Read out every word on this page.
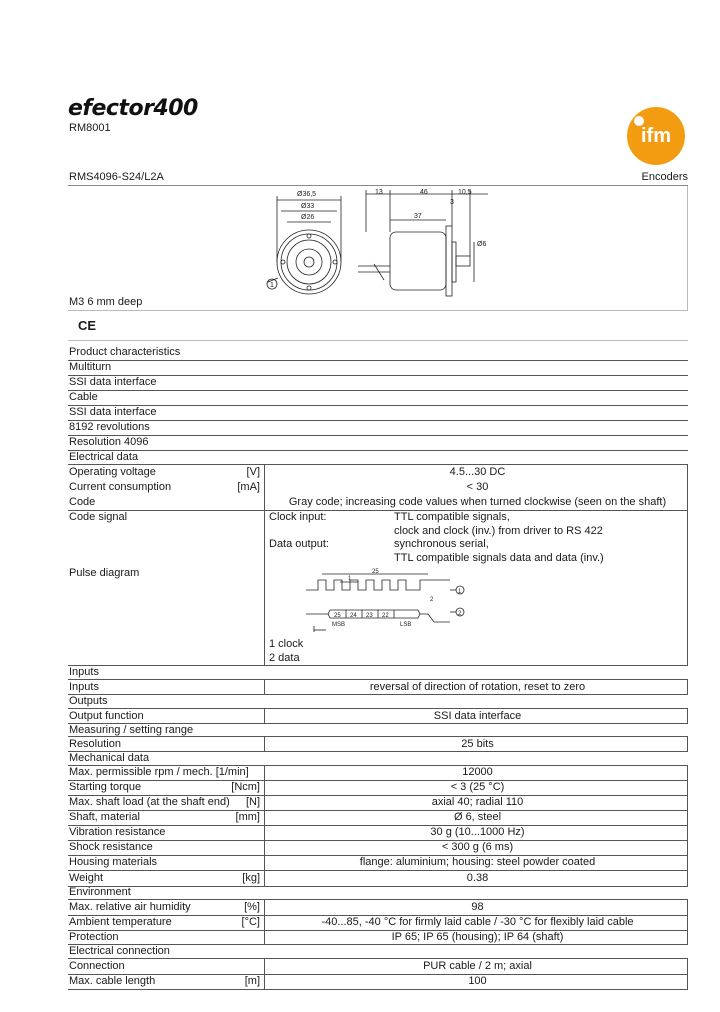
efector400
RM8001	ifm
RMS4096-S24/L2A	Encoders
Ø36,5
Ø33
Ø26
1
13	46	10,5
37
3
Ø6
M3 6 mm deep
CE
Product characteristics
Multiturn
SSI data interface
Cable
SSI data interface
8192 revolutions
Resolution 4096
Electrical data
Operating voltage	[V]	4.5...30 DC
Current consumption	[mA]	< 30
Code	Gray code; increasing code values when turned clockwise (seen on the shaft)
Code signal	Clock input:	TTL compatible signals,
clock and clock (inv.) from driver to RS 422
Data output:	synchronous serial,
TTL compatible signals data and data (inv.)
Pulse diagram	25
1
2
25 24 23 22
MSB	LSB
1
2
1 clock
2 data
Inputs
Inputs	reversal of direction of rotation, reset to zero
Outputs
Output function	SSI data interface
Measuring / setting range
Resolution	25 bits
Mechanical data
Max. permissible rpm / mech. [1/min]	12000
Starting torque	[Ncm]	< 3 (25 °C)
Max. shaft load (at the shaft end)	[N]	axial 40; radial 110
Shaft, material	[mm]	Ø 6, steel
Vibration resistance	30 g (10...1000 Hz)
Shock resistance	< 300 g (6 ms)
Housing materials	flange: aluminium; housing: steel powder coated
Weight	[kg]	0.38
Environment
Max. relative air humidity	[%]	98
Ambient temperature	[°C]	-40...85, -40 °C for firmly laid cable / -30 °C for flexibly laid cable
Protection	IP 65; IP 65 (housing); IP 64 (shaft)
Electrical connection
Connection	PUR cable / 2 m; axial
Max. cable length	[m]	100
